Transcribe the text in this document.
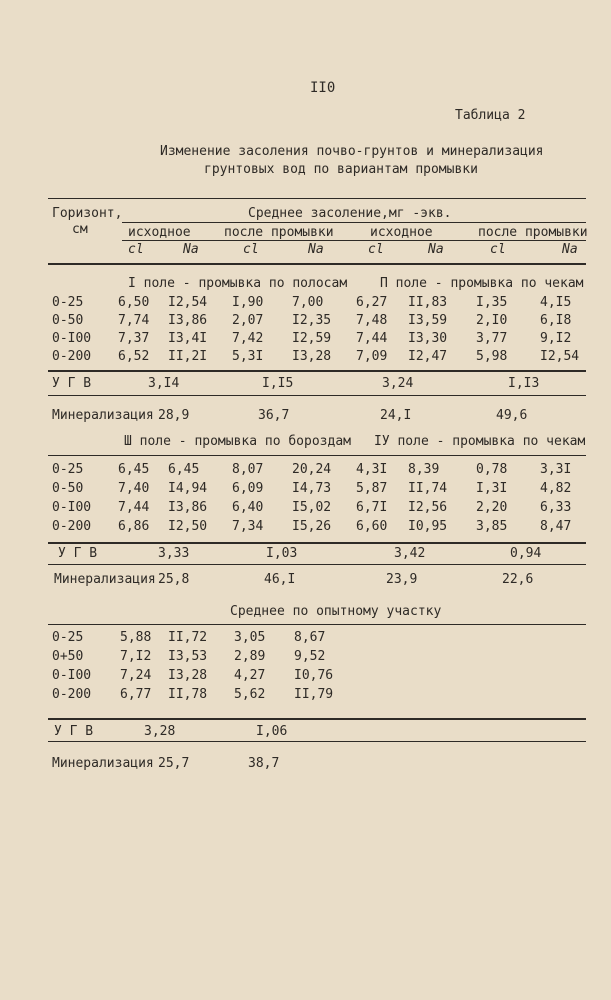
II0
Таблица 2
Изменение засоления почво-грунтов и минерализация
грунтовых вод по вариантам промывки
Горизонт,
см
Среднее засоление,мг -экв.
исходное	после промывки	исходное	после промывки
cl	Na	cl	Na	cl	Na	cl	Na
I поле - промывка по полосам	П поле - промывка по чекам
0-25	6,50 I2,54 I,90 7,00	6,27 II,83 I,35	4,I5
0-50	7,74 I3,86 2,07 I2,35 7,48 I3,59 2,I0	6,I8
0-I00 7,37 I3,4I 7,42 I2,59 7,44 I3,30 3,77	9,I2
0-200 6,52 II,2I 5,3I I3,28 7,09 I2,47 5,98	I2,54
У Г В	3,I4	I,I5	3,24	I,I3
Минерализация 28,9	36,7	24,I	49,6
Ш поле - промывка по бороздам IУ поле - промывка по чекам
0-25	6,45 6,45	8,07 20,24 4,3I 8,39	0,78	3,3I
0-50	7,40 I4,94 6,09 I4,73 5,87 II,74 I,3I	4,82
0-I00 7,44 I3,86 6,40 I5,02 6,7I I2,56 2,20	6,33
0-200 6,86 I2,50 7,34 I5,26 6,60 I0,95 3,85	8,47
У Г В	3,33	I,03	3,42	0,94
Минерализация 25,8	46,I	23,9	22,6
Среднее по опытному участку
0-25	5,88 II,72 3,05 8,67
0+50	7,I2 I3,53 2,89 9,52
0-I00 7,24 I3,28 4,27 I0,76
0-200 6,77 II,78 5,62 II,79
У Г В	3,28	I,06
Минерализация 25,7	38,7
